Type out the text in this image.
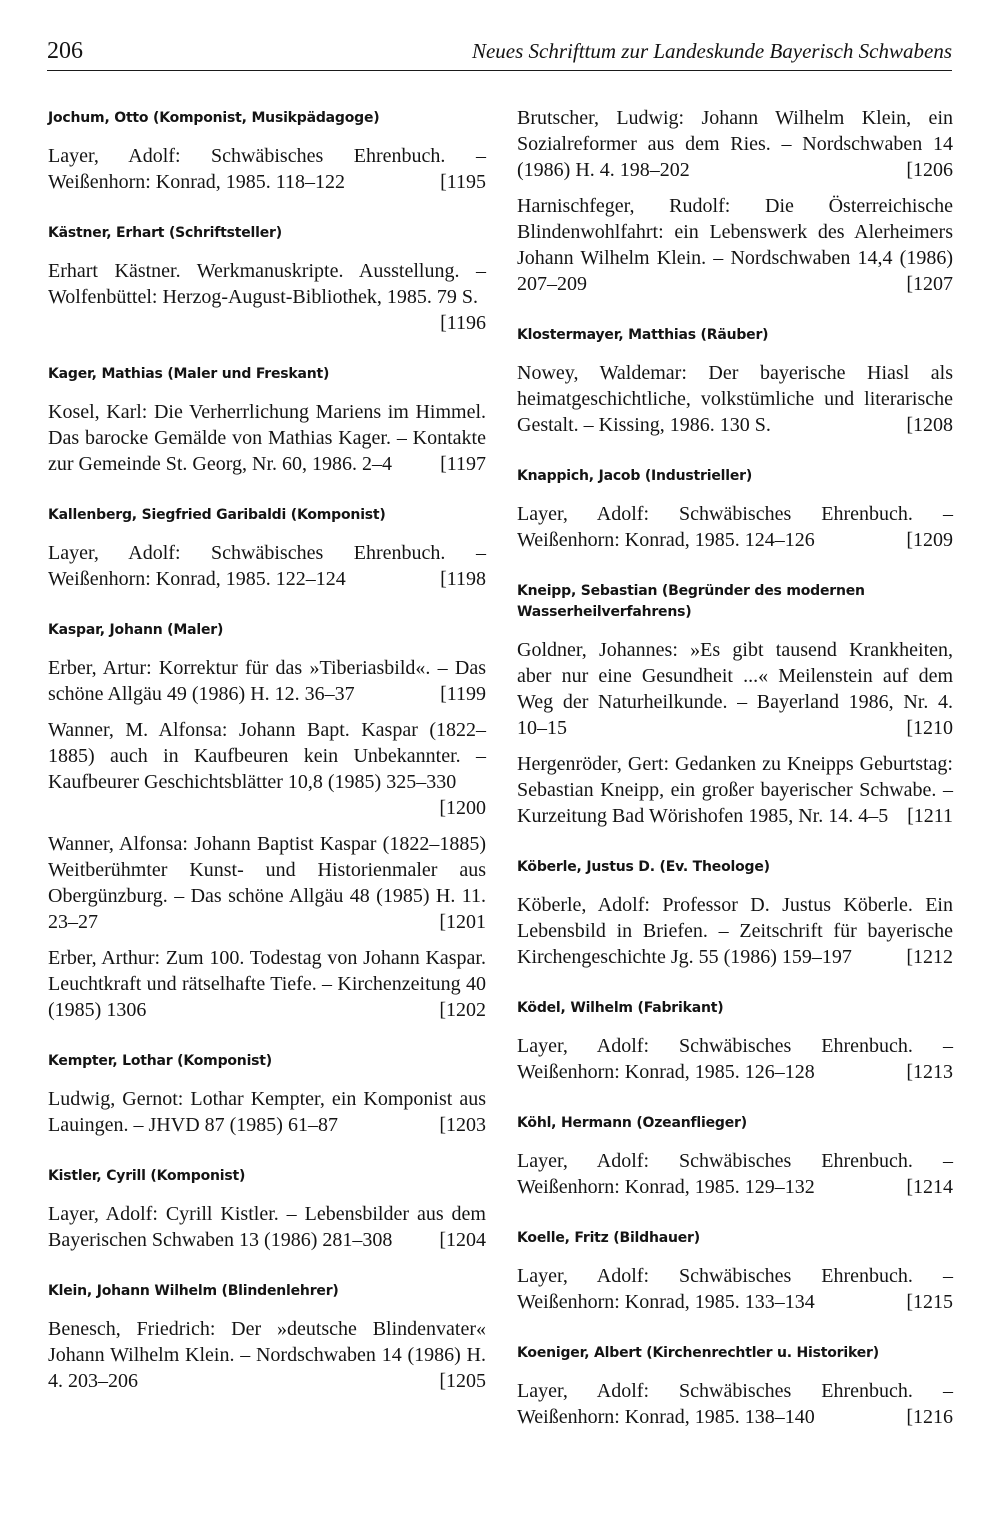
206	Neues Schrifttum zur Landeskunde Bayerisch Schwabens
Jochum, Otto (Komponist, Musikpädagoge)
Layer, Adolf: Schwäbisches Ehrenbuch. – Weißenhorn: Konrad, 1985. 118–122	[1195
Kästner, Erhart (Schriftsteller)
Erhart Kästner. Werkmanuskripte. Ausstellung. – Wolfenbüttel: Herzog-August-Bibliothek, 1985. 79 S.
[1196
Kager, Mathias (Maler und Freskant)
Kosel, Karl: Die Verherrlichung Mariens im Himmel. Das barocke Gemälde von Mathias Kager. – Kontakte zur Gemeinde St. Georg, Nr. 60, 1986. 2–4 [1197
Kallenberg, Siegfried Garibaldi (Komponist)
Layer, Adolf: Schwäbisches Ehrenbuch. – Weißenhorn: Konrad, 1985. 122–124	[1198
Kaspar, Johann (Maler)
Erber, Artur: Korrektur für das »Tiberiasbild«. – Das schöne Allgäu 49 (1986) H. 12. 36–37	[1199
Wanner, M. Alfonsa: Johann Bapt. Kaspar (1822–1885) auch in Kaufbeuren kein Unbekannter. – Kaufbeurer Geschichtsblätter 10,8 (1985) 325–330
[1200
Wanner, Alfonsa: Johann Baptist Kaspar (1822–1885) Weitberühmter Kunst- und Historienmaler aus Obergünzburg. – Das schöne Allgäu 48 (1985) H. 11. 23–27	[1201
Erber, Arthur: Zum 100. Todestag von Johann Kaspar. Leuchtkraft und rätselhafte Tiefe. – Kirchenzeitung 40 (1985) 1306	[1202
Kempter, Lothar (Komponist)
Ludwig, Gernot: Lothar Kempter, ein Komponist aus Lauingen. – JHVD 87 (1985) 61–87	[1203
Kistler, Cyrill (Komponist)
Layer, Adolf: Cyrill Kistler. – Lebensbilder aus dem Bayerischen Schwaben 13 (1986) 281–308 [1204
Klein, Johann Wilhelm (Blindenlehrer)
Benesch, Friedrich: Der »deutsche Blindenvater« Johann Wilhelm Klein. – Nordschwaben 14 (1986) H. 4. 203–206	[1205
Brutscher, Ludwig: Johann Wilhelm Klein, ein Sozialreformer aus dem Ries. – Nordschwaben 14 (1986) H. 4. 198–202	[1206
Harnischfeger, Rudolf: Die Österreichische Blindenwohlfahrt: ein Lebenswerk des Alerheimers Johann Wilhelm Klein. – Nordschwaben 14,4 (1986) 207–209	[1207
Klostermayer, Matthias (Räuber)
Nowey, Waldemar: Der bayerische Hiasl als heimatgeschichtliche, volkstümliche und literarische Gestalt. – Kissing, 1986. 130 S.	[1208
Knappich, Jacob (Industrieller)
Layer, Adolf: Schwäbisches Ehrenbuch. – Weißenhorn: Konrad, 1985. 124–126	[1209
Kneipp, Sebastian (Begründer des modernen Wasserheilverfahrens)
Goldner, Johannes: »Es gibt tausend Krankheiten, aber nur eine Gesundheit ...« Meilenstein auf dem Weg der Naturheilkunde. – Bayerland 1986, Nr. 4. 10–15	[1210
Hergenröder, Gert: Gedanken zu Kneipps Geburtstag: Sebastian Kneipp, ein großer bayerischer Schwabe. – Kurzeitung Bad Wörishofen 1985, Nr. 14. 4–5 [1211
Köberle, Justus D. (Ev. Theologe)
Köberle, Adolf: Professor D. Justus Köberle. Ein Lebensbild in Briefen. – Zeitschrift für bayerische Kirchengeschichte Jg. 55 (1986) 159–197	[1212
Ködel, Wilhelm (Fabrikant)
Layer, Adolf: Schwäbisches Ehrenbuch. – Weißenhorn: Konrad, 1985. 126–128	[1213
Köhl, Hermann (Ozeanflieger)
Layer, Adolf: Schwäbisches Ehrenbuch. – Weißenhorn: Konrad, 1985. 129–132	[1214
Koelle, Fritz (Bildhauer)
Layer, Adolf: Schwäbisches Ehrenbuch. – Weißenhorn: Konrad, 1985. 133–134	[1215
Koeniger, Albert (Kirchenrechtler u. Historiker)
Layer, Adolf: Schwäbisches Ehrenbuch. – Weißenhorn: Konrad, 1985. 138–140	[1216
